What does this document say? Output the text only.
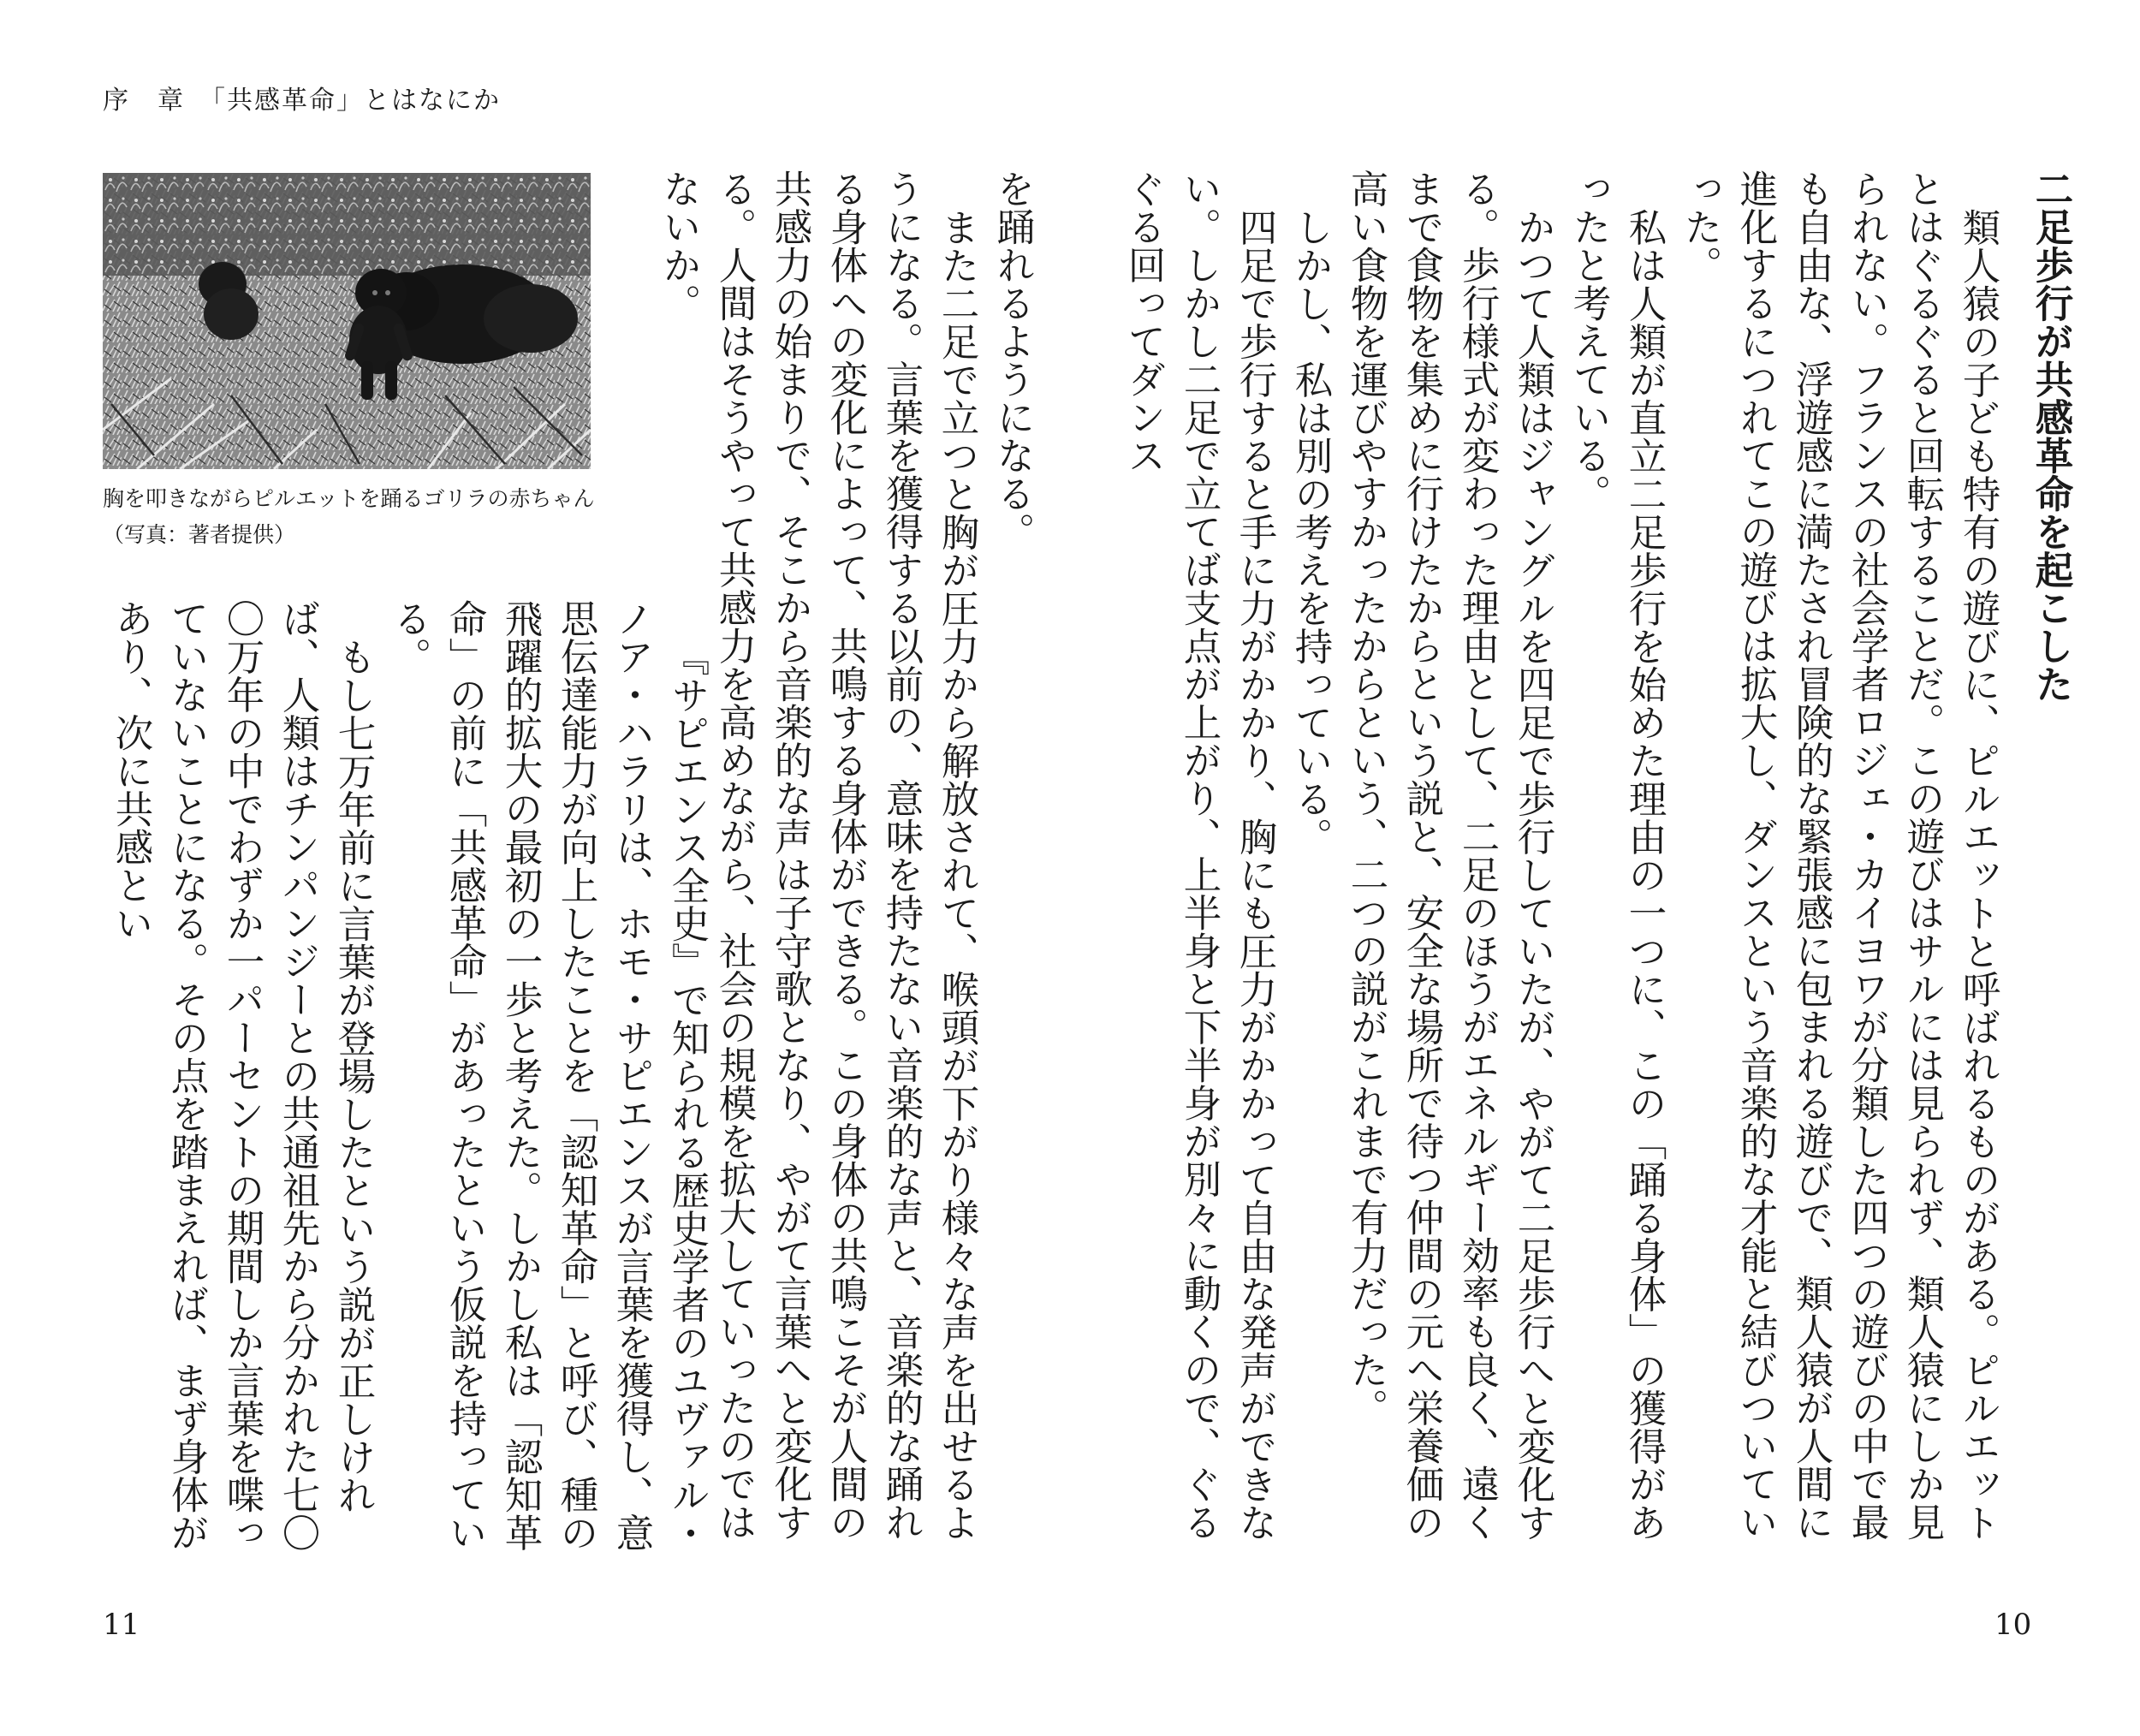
序　章　「共感革命」とはなにか
胸を叩きながらピルエットを踊るゴリラの赤ちゃん
（写真：著者提供）	二足歩行が共感革命を起こした

類人猿の子ども特有の遊びに、ピルエットと呼ばれるものがある。ピルエットとはぐるぐると回転することだ。この遊びはサルには見られず、類人猿にしか見られない。フランスの社会学者ロジェ・カイヨワが分類した四つの遊びの中で最も自由な、浮遊感に満たされ冒険的な緊張感に包まれる遊びで、類人猿が人間に進化するにつれてこの遊びは拡大し、ダンスという音楽的な才能と結びついていった。

私は人類が直立二足歩行を始めた理由の一つに、この「踊る身体」の獲得があったと考えている。

かつて人類はジャングルを四足で歩行していたが、やがて二足歩行へと変化する。歩行様式が変わった理由として、二足のほうがエネルギー効率も良く、遠くまで食物を集めに行けたからという説と、安全な場所で待つ仲間の元へ栄養価の高い食物を運びやすかったからという、二つの説がこれまで有力だった。

しかし、私は別の考えを持っている。

四足で歩行すると手に力がかかり、胸にも圧力がかかって自由な発声ができない。しかし二足で立てば支点が上がり、上半身と下半身が別々に動くので、ぐるぐる回ってダンス

を踊れるようになる。

また二足で立つと胸が圧力から解放されて、喉頭が下がり様々な声を出せるようになる。言葉を獲得する以前の、意味を持たない音楽的な声と、音楽的な踊れる身体への変化によって、共鳴する身体ができる。この身体の共鳴こそが人間の共感力の始まりで、そこから音楽的な声は子守歌となり、やがて言葉へと変化する。人間はそうやって共感力を高めながら、社会の規模を拡大していったのではないか。

『サピエンス全史』で知られる歴史学者のユヴァル・ノア・ハラリは、ホモ・サピエンスが言葉を獲得し、意思伝達能力が向上したことを「認知革命」と呼び、種の飛躍的拡大の最初の一歩と考えた。しかし私は「認知革命」の前に「共感革命」があったという仮説を持っている。

もし七万年前に言葉が登場したという説が正しければ、人類はチンパンジーとの共通祖先から分かれた七〇〇万年の中でわずか一パーセントの期間しか言葉を喋っていないことになる。その点を踏まえれば、まず身体があり、次に共感とい

11	10
